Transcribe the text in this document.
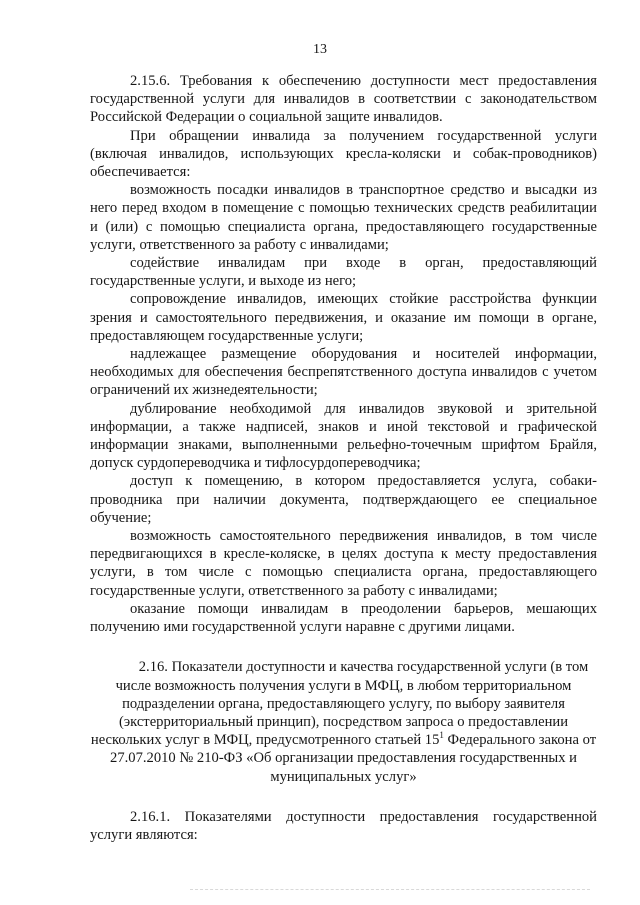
13

2.15.6. Требования к обеспечению доступности мест предоставления государственной услуги для инвалидов в соответствии с законодательством Российской Федерации о социальной защите инвалидов.

При обращении инвалида за получением государственной услуги (включая инвалидов, использующих кресла-коляски и собак-проводников) обеспечивается:

возможность посадки инвалидов в транспортное средство и высадки из него перед входом в помещение с помощью технических средств реабилитации и (или) с помощью специалиста органа, предоставляющего государственные услуги, ответственного за работу с инвалидами;

содействие инвалидам при входе в орган, предоставляющий государственные услуги, и выходе из него;

сопровождение инвалидов, имеющих стойкие расстройства функции зрения и самостоятельного передвижения, и оказание им помощи в органе, предоставляющем государственные услуги;

надлежащее размещение оборудования и носителей информации, необходимых для обеспечения беспрепятственного доступа инвалидов с учетом ограничений их жизнедеятельности;

дублирование необходимой для инвалидов звуковой и зрительной информации, а также надписей, знаков и иной текстовой и графической информации знаками, выполненными рельефно-точечным шрифтом Брайля, допуск сурдопереводчика и тифлосурдопереводчика;

доступ к помещению, в котором предоставляется услуга, собаки-проводника при наличии документа, подтверждающего ее специальное обучение;

возможность самостоятельного передвижения инвалидов, в том числе передвигающихся в кресле-коляске, в целях доступа к месту предоставления услуги, в том числе с помощью специалиста органа, предоставляющего государственные услуги, ответственного за работу с инвалидами;

оказание помощи инвалидам в преодолении барьеров, мешающих получению ими государственной услуги наравне с другими лицами.

2.16. Показатели доступности и качества государственной услуги (в том числе возможность получения услуги в МФЦ, в любом территориальном подразделении органа, предоставляющего услугу, по выбору заявителя (экстерриториальный принцип), посредством запроса о предоставлении нескольких услуг в МФЦ, предусмотренного статьей $15^1$ Федерального закона от 27.07.2010 № 210-ФЗ «Об организации предоставления государственных и муниципальных услуг»

2.16.1. Показателями доступности предоставления государственной услуги являются:
